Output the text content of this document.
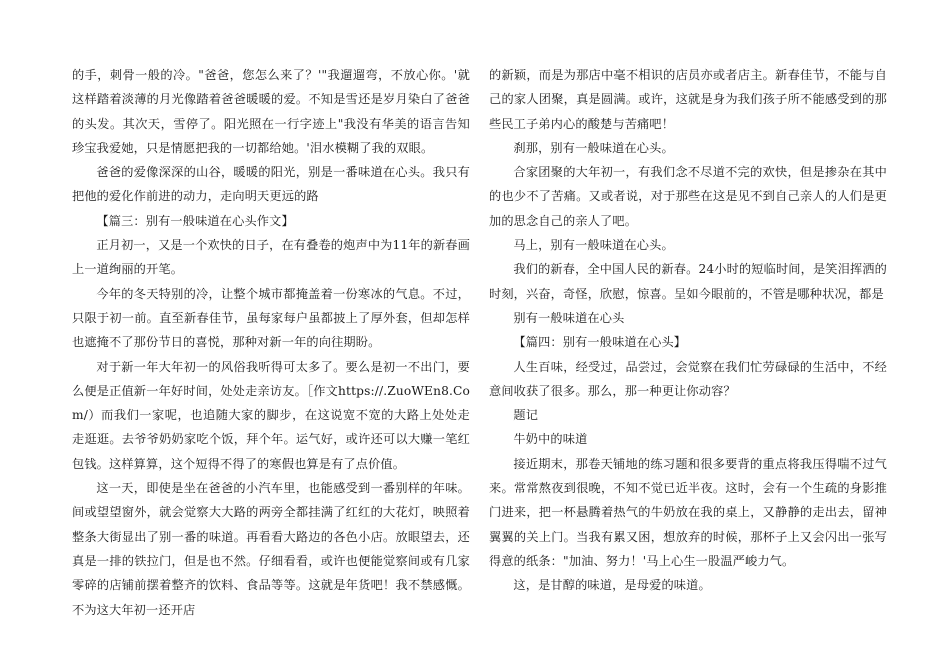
的手，刺骨一般的冷。"爸爸，您怎么来了？'"我遛遛弯，不放心你。'就这样踏着淡薄的月光像踏着爸爸暖暖的爱。不知是雪还是岁月染白了爸爸的头发。其次天，雪停了。阳光照在一行字迹上"我没有华美的语言告知珍宝我爱她，只是情愿把我的一切都给她。'泪水模糊了我的双眼。

爸爸的爱像深深的山谷，暖暖的阳光，别是一番味道在心头。我只有把他的爱化作前进的动力，走向明天更远的路

【篇三：别有一般味道在心头作文】

正月初一，又是一个欢快的日子，在有叠卷的炮声中为11年的新春画上一道绚丽的开笔。

今年的冬天特别的冷，让整个城市都掩盖着一份寒冰的气息。不过，只限于初一前。直至新春佳节，虽每家每户虽都披上了厚外套，但却怎样也遮掩不了那份节日的喜悦，那种对新一年的向往期盼。

对于新一年大年初一的风俗我听得可太多了。要么是初一不出门，要么便是正值新一年好时间，处处走亲访友。［作文https://.ZuoWEn8.Com/）而我们一家呢，也追随大家的脚步，在这说宽不宽的大路上处处走走逛逛。去爷爷奶奶家吃个饭，拜个年。运气好，或许还可以大赚一笔红包钱。这样算算，这个短得不得了的寒假也算是有了点价值。

这一天，即使是坐在爸爸的小汽车里，也能感受到一番别样的年味。间或望望窗外，就会觉察大大路的两旁全都挂满了红红的大花灯，映照着整条大街显出了别一番的味道。再看看大路边的各色小店。放眼望去，还真是一排的铁拉门，但是也不然。仔细看看，或许也便能觉察间或有几家零碎的店铺前摆着整齐的饮料、食品等等。这就是年货吧！我不禁感慨。不为这大年初一还开店

的新颖，而是为那店中毫不相识的店员亦或者店主。新春佳节，不能与自己的家人团聚，真是圆满。或许，这就是身为我们孩子所不能感受到的那些民工子弟内心的酸楚与苦痛吧！

刹那，别有一般味道在心头。

合家团聚的大年初一，有我们念不尽道不完的欢快，但是掺杂在其中的也少不了苦痛。又或者说，对于那些在这是见不到自己亲人的人们是更加的思念自己的亲人了吧。

马上，别有一般味道在心头。

我们的新春，全中国人民的新春。24小时的短临时间，是笑泪挥洒的时刻，兴奋，奇怪，欣慰，惊喜。呈如今眼前的，不管是哪种状况，都是

别有一般味道在心头

【篇四：别有一般味道在心头】

人生百味，经受过，品尝过，会觉察在我们忙劳碌碌的生活中，不经意间收获了很多。那么，那一种更让你动容？

题记

牛奶中的味道

接近期末，那卷天铺地的练习题和很多要背的重点将我压得喘不过气来。常常熬夜到很晚，不知不觉已近半夜。这时，会有一个生疏的身影推门进来，把一杯悬腾着热气的牛奶放在我的桌上，又静静的走出去，留神翼翼的关上门。当我有累又困，想放弃的时候，那杯子上又会闪出一张写得意的纸条："加油、努力！'马上心生一股温严峻力气。

这，是甘醇的味道，是母爱的味道。
